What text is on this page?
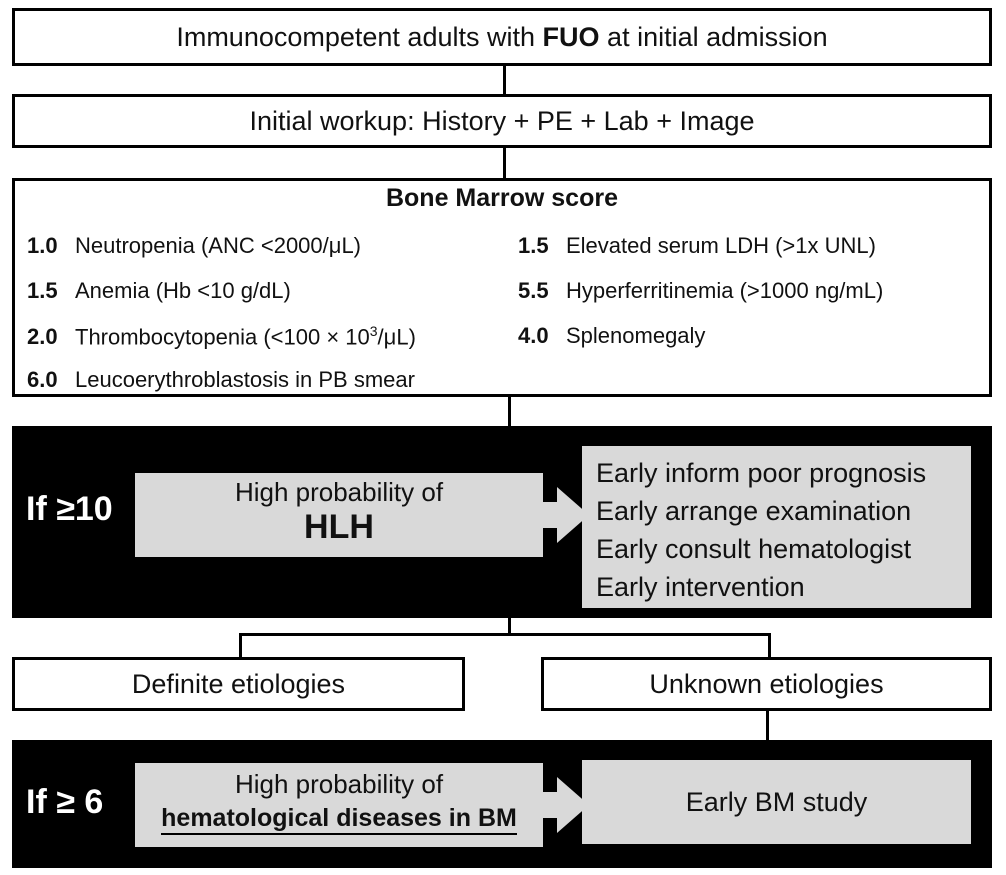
Immunocompetent adults with
FUO
at initial admission
Initial workup: History + PE + Lab + Image
Bone Marrow score
1.0 Neutropenia (ANC <2000/μL)
1.5 Anemia (Hb <10 g/dL)
2.0 Thrombocytopenia $(<100 \times 10^3/\mu L)$
6.0 Leucoerythroblastosis in PB smear
1.5 Elevated serum LDH (>1x UNL)
5.5 Hyperferritinemia (>1000 ng/mL)
4.0 Splenomegaly
If ≥10	High probability of
HLH
Early inform poor prognosis
Early arrange examination
Early consult hematologist
Early intervention
Definite etiologies	Unknown etiologies
If ≥ 6	High probability of
hematological diseases in BM
Early BM study
